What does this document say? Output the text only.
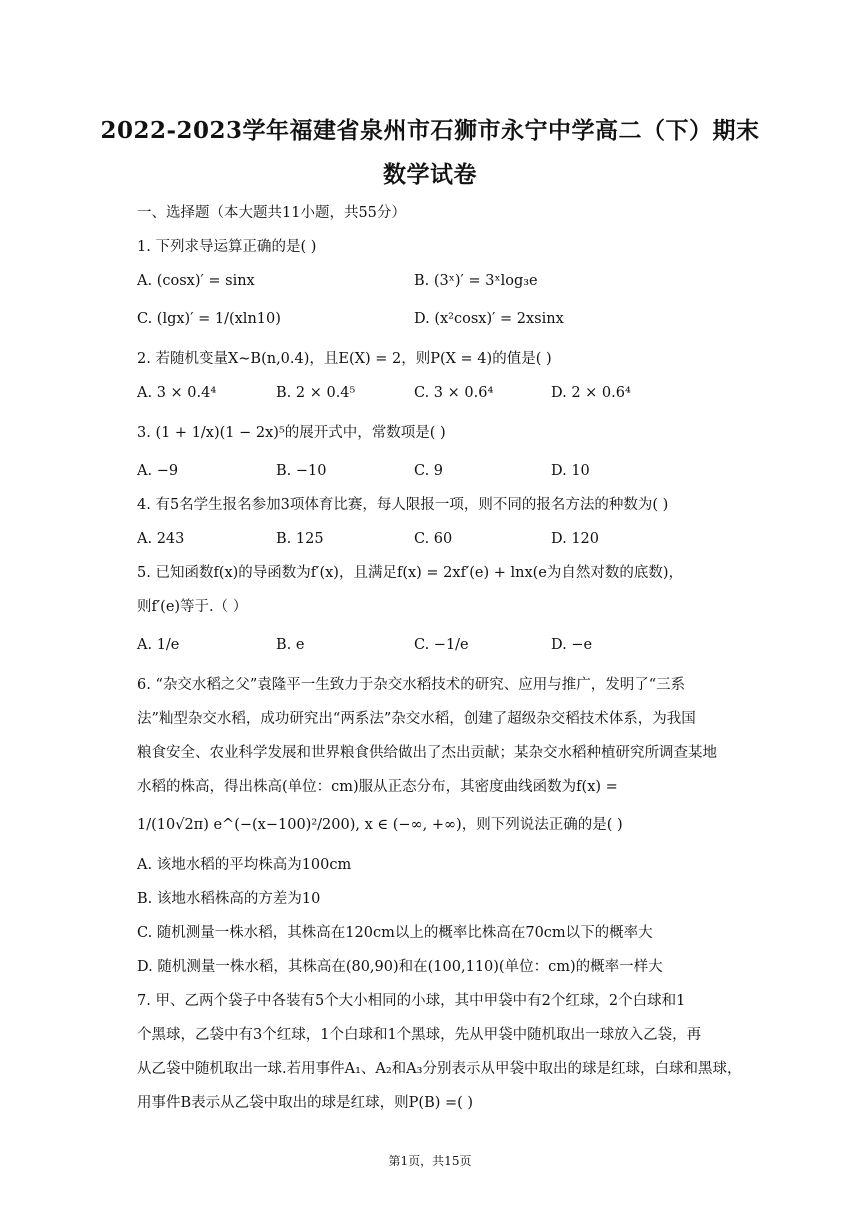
2022-2023学年福建省泉州市石狮市永宁中学高二（下）期末
数学试卷
一、选择题（本大题共11小题，共55分）
1. 下列求导运算正确的是( )
A. (cosx)′ = sinx	B. (3ˣ)′ = 3ˣlog₃e
C. (lgx)′ = 1/(xln10)	D. (x²cosx)′ = 2xsinx
2. 若随机变量X∼B(n,0.4)，且E(X) = 2，则P(X = 4)的值是( )
A. 3 × 0.4⁴	B. 2 × 0.4⁵	C. 3 × 0.6⁴	D. 2 × 0.6⁴
3. (1 + 1/x)(1 − 2x)⁵的展开式中，常数项是( )
A. −9	B. −10	C. 9	D. 10
4. 有5名学生报名参加3项体育比赛，每人限报一项，则不同的报名方法的种数为( )
A. 243	B. 125	C. 60	D. 120
5. 已知函数f(x)的导函数为f′(x)，且满足f(x) = 2xf′(e) + lnx(e为自然对数的底数)，
则f′(e)等于.（ ）
A. 1/e	B. e	C. −1/e	D. −e
6. “杂交水稻之父”袁隆平一生致力于杂交水稻技术的研究、应用与推广，发明了“三系
法”籼型杂交水稻，成功研究出“两系法”杂交水稻，创建了超级杂交稻技术体系，为我国
粮食安全、农业科学发展和世界粮食供给做出了杰出贡献；某杂交水稻种植研究所调查某地
水稻的株高，得出株高(单位：cm)服从正态分布，其密度曲线函数为f(x) =
1/(10√2π) e^(−(x−100)²/200), x ∈ (−∞, +∞)，则下列说法正确的是( )
A. 该地水稻的平均株高为100cm
B. 该地水稻株高的方差为10
C. 随机测量一株水稻，其株高在120cm以上的概率比株高在70cm以下的概率大
D. 随机测量一株水稻，其株高在(80,90)和在(100,110)(单位：cm)的概率一样大
7. 甲、乙两个袋子中各装有5个大小相同的小球，其中甲袋中有2个红球，2个白球和1
个黑球，乙袋中有3个红球，1个白球和1个黑球，先从甲袋中随机取出一球放入乙袋，再
从乙袋中随机取出一球.若用事件A₁、A₂和A₃分别表示从甲袋中取出的球是红球，白球和黑球，
用事件B表示从乙袋中取出的球是红球，则P(B) =( )
第1页，共15页
